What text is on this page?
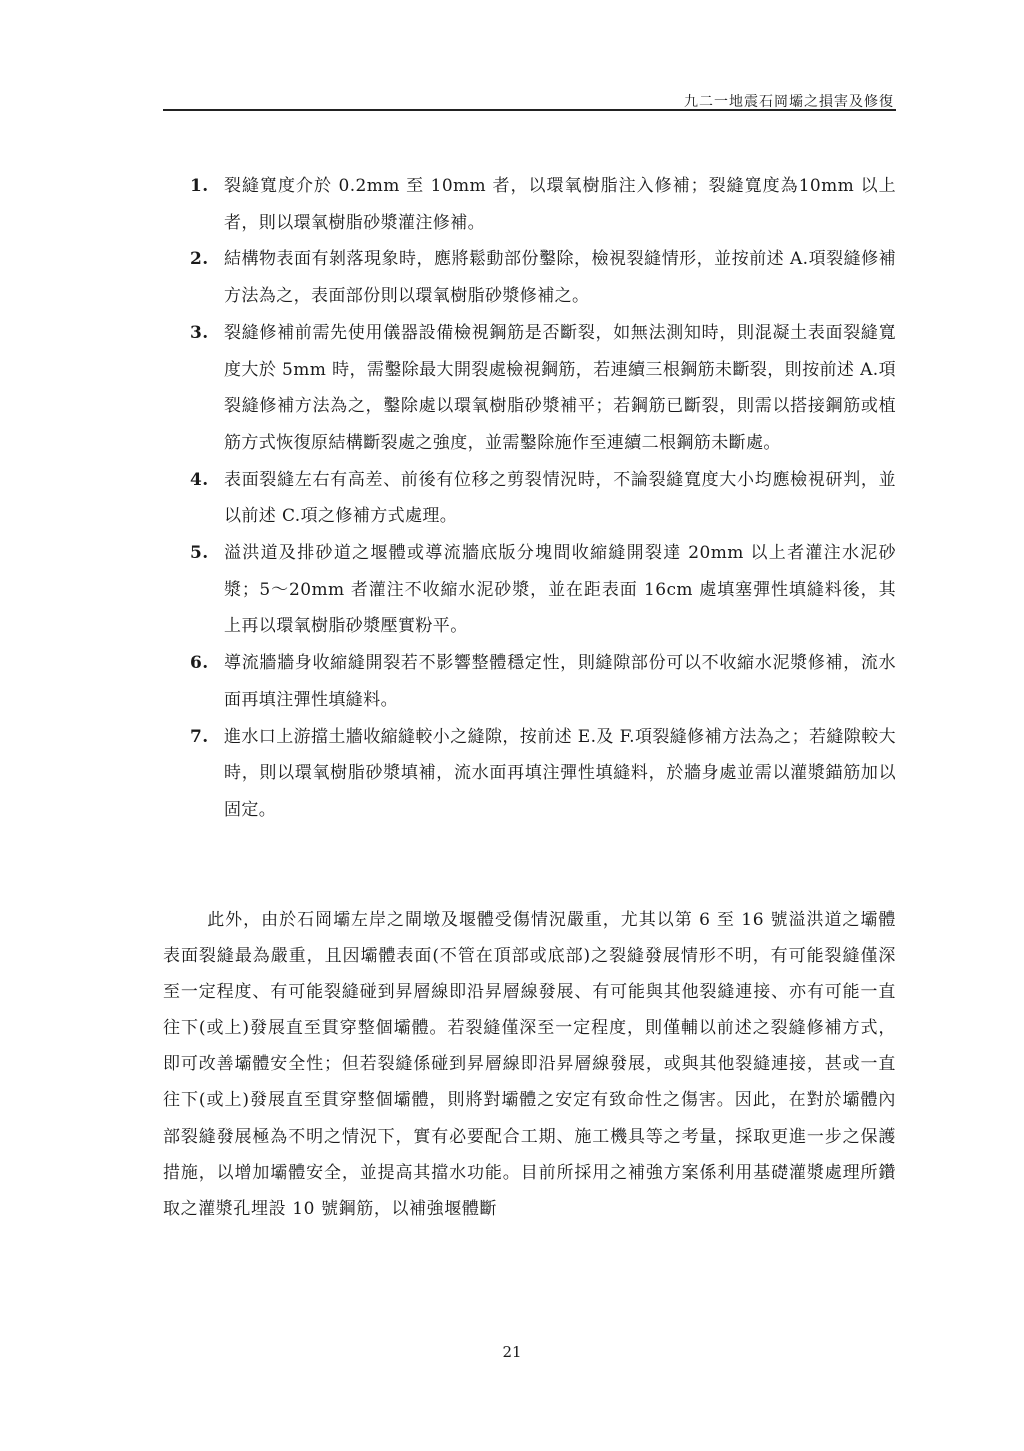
九二一地震石岡壩之損害及修復
1. 裂縫寬度介於 0.2mm 至 10mm 者，以環氧樹脂注入修補；裂縫寬度為10mm 以上者，則以環氧樹脂砂漿灌注修補。
2. 結構物表面有剝落現象時，應將鬆動部份鑿除，檢視裂縫情形，並按前述 A.項裂縫修補方法為之，表面部份則以環氧樹脂砂漿修補之。
3. 裂縫修補前需先使用儀器設備檢視鋼筋是否斷裂，如無法測知時，則混凝土表面裂縫寬度大於 5mm 時，需鑿除最大開裂處檢視鋼筋，若連續三根鋼筋未斷裂，則按前述 A.項裂縫修補方法為之，鑿除處以環氧樹脂砂漿補平；若鋼筋已斷裂，則需以搭接鋼筋或植筋方式恢復原結構斷裂處之強度，並需鑿除施作至連續二根鋼筋未斷處。
4. 表面裂縫左右有高差、前後有位移之剪裂情況時，不論裂縫寬度大小均應檢視研判，並以前述 C.項之修補方式處理。
5. 溢洪道及排砂道之堰體或導流牆底版分塊間收縮縫開裂達 20mm 以上者灌注水泥砂漿；5～20mm 者灌注不收縮水泥砂漿，並在距表面 16cm 處填塞彈性填縫料後，其上再以環氧樹脂砂漿壓實粉平。
6. 導流牆牆身收縮縫開裂若不影響整體穩定性，則縫隙部份可以不收縮水泥漿修補，流水面再填注彈性填縫料。
7. 進水口上游擋土牆收縮縫較小之縫隙，按前述 E.及 F.項裂縫修補方法為之；若縫隙較大時，則以環氧樹脂砂漿填補，流水面再填注彈性填縫料，於牆身處並需以灌漿錨筋加以固定。

此外，由於石岡壩左岸之閘墩及堰體受傷情況嚴重，尤其以第 6 至 16 號溢洪道之壩體表面裂縫最為嚴重，且因壩體表面(不管在頂部或底部)之裂縫發展情形不明，有可能裂縫僅深至一定程度、有可能裂縫碰到昇層線即沿昇層線發展、有可能與其他裂縫連接、亦有可能一直往下(或上)發展直至貫穿整個壩體。若裂縫僅深至一定程度，則僅輔以前述之裂縫修補方式，即可改善壩體安全性；但若裂縫係碰到昇層線即沿昇層線發展，或與其他裂縫連接，甚或一直往下(或上)發展直至貫穿整個壩體，則將對壩體之安定有致命性之傷害。因此，在對於壩體內部裂縫發展極為不明之情況下，實有必要配合工期、施工機具等之考量，採取更進一步之保護措施，以增加壩體安全，並提高其擋水功能。目前所採用之補強方案係利用基礎灌漿處理所鑽取之灌漿孔埋設 10 號鋼筋，以補強堰體斷

21
